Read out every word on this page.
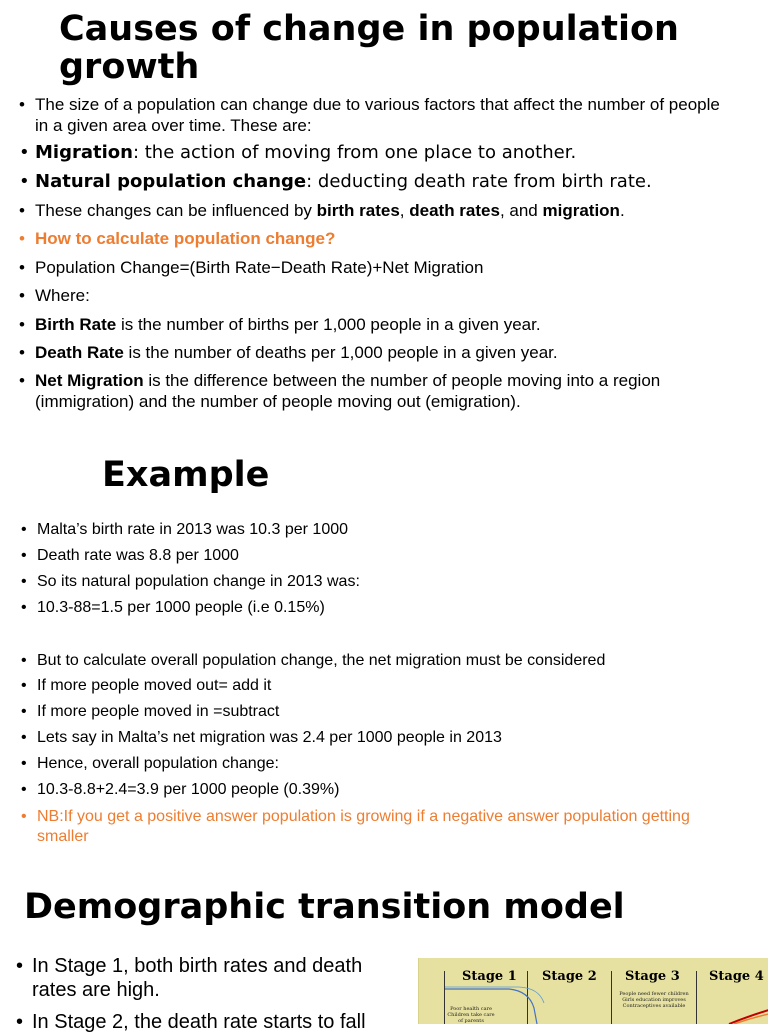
Causes of change in population growth
• The size of a population can change due to various factors that affect the number of people in a given area over time. These are:
• Migration: the action of moving from one place to another.
• Natural population change: deducting death rate from birth rate.
• These changes can be influenced by birth rates, death rates, and migration.
• How to calculate population change?
• Population Change=(Birth Rate−Death Rate)+Net Migration
• Where:
• Birth Rate is the number of births per 1,000 people in a given year.
• Death Rate is the number of deaths per 1,000 people in a given year.
• Net Migration is the difference between the number of people moving into a region (immigration) and the number of people moving out (emigration).
Example
• Malta’s birth rate in 2013 was 10.3 per 1000
• Death rate was 8.8 per 1000
• So its natural population change in 2013 was:
• 10.3-88=1.5 per 1000 people (i.e 0.15%)
• But to calculate overall population change, the net migration must be considered
• If more people moved out= add it
• If more people moved in =subtract
• Lets say in Malta’s net migration was 2.4 per 1000 people in 2013
• Hence, overall population change:
• 10.3-8.8+2.4=3.9 per 1000 people (0.39%)
• NB:If you get a positive answer population is growing if a negative answer population getting smaller
Demographic transition model
• In Stage 1, both birth rates and death rates are high.
• In Stage 2, the death rate starts to fall
Stage 1 Stage 2 Stage 3 Stage 4
Poor health care Children take care of parents
People need fewer children Girls education improves Contraceptives available
